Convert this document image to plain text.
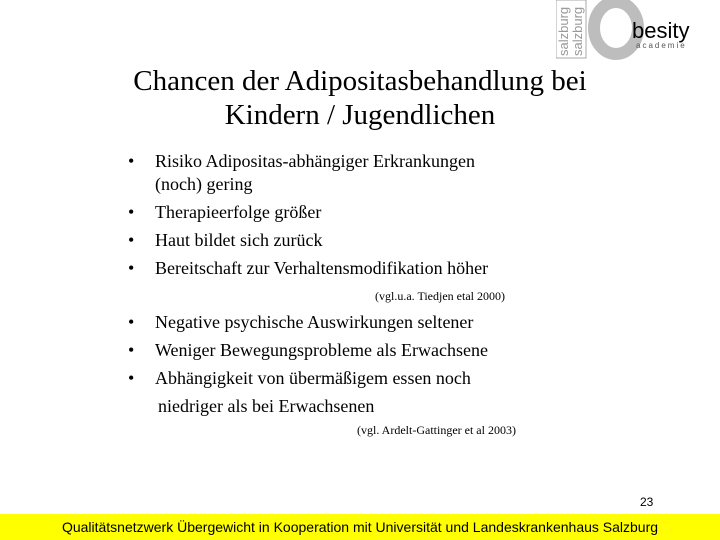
salzburg salzburg besity
academie
Chancen der Adipositasbehandlung bei
Kindern / Jugendlichen
• Risiko Adipositas-abhängiger Erkrankungen
(noch) gering
• Therapieerfolge größer
• Haut bildet sich zurück
• Bereitschaft zur Verhaltensmodifikation höher
(vgl.u.a. Tiedjen etal 2000)
• Negative psychische Auswirkungen seltener
• Weniger Bewegungsprobleme als Erwachsene
• Abhängigkeit von übermäßigem essen noch
niedriger als bei Erwachsenen
(vgl. Ardelt-Gattinger et al 2003)
23
Qualitätsnetzwerk Übergewicht in Kooperation mit Universität und Landeskrankenhaus Salzburg
